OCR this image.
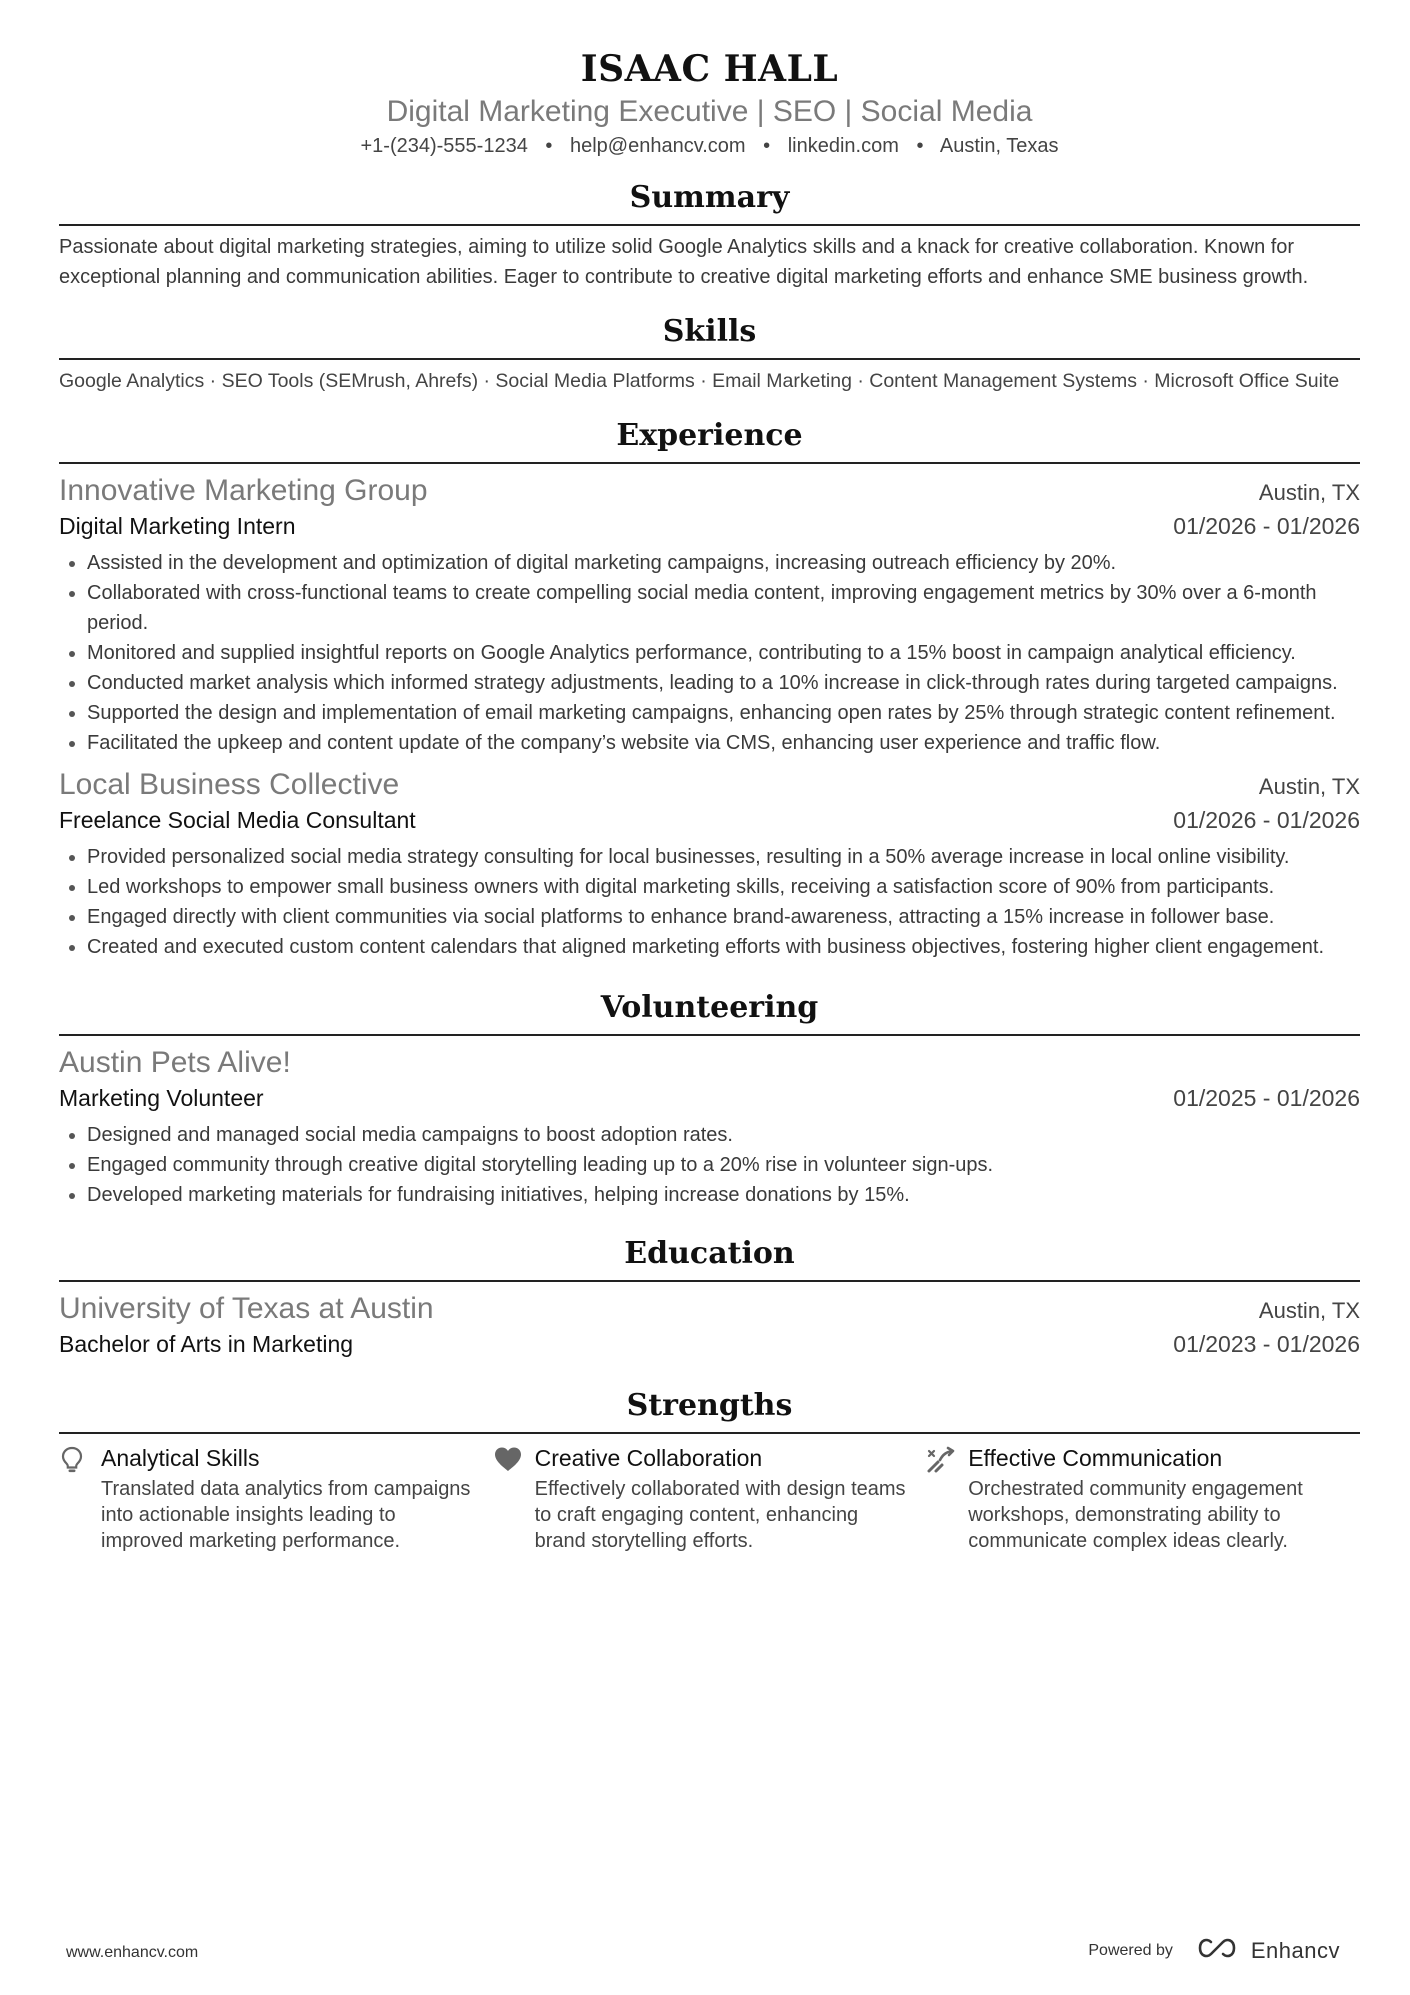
ISAAC HALL
Digital Marketing Executive | SEO | Social Media
+1-(234)-555-1234 • help@enhancv.com • linkedin.com • Austin, Texas
Summary
Passionate about digital marketing strategies, aiming to utilize solid Google Analytics skills and a knack for creative collaboration. Known for exceptional planning and communication abilities. Eager to contribute to creative digital marketing efforts and enhance SME business growth.
Skills
Google Analytics · SEO Tools (SEMrush, Ahrefs) · Social Media Platforms · Email Marketing · Content Management Systems · Microsoft Office Suite
Experience
Innovative Marketing Group	Austin, TX
Digital Marketing Intern	01/2026 - 01/2026
• Assisted in the development and optimization of digital marketing campaigns, increasing outreach efficiency by 20%.
• Collaborated with cross-functional teams to create compelling social media content, improving engagement metrics by 30% over a 6-month period.
• Monitored and supplied insightful reports on Google Analytics performance, contributing to a 15% boost in campaign analytical efficiency.
• Conducted market analysis which informed strategy adjustments, leading to a 10% increase in click-through rates during targeted campaigns.
• Supported the design and implementation of email marketing campaigns, enhancing open rates by 25% through strategic content refinement.
• Facilitated the upkeep and content update of the company’s website via CMS, enhancing user experience and traffic flow.
Local Business Collective	Austin, TX
Freelance Social Media Consultant	01/2026 - 01/2026
• Provided personalized social media strategy consulting for local businesses, resulting in a 50% average increase in local online visibility.
• Led workshops to empower small business owners with digital marketing skills, receiving a satisfaction score of 90% from participants.
• Engaged directly with client communities via social platforms to enhance brand-awareness, attracting a 15% increase in follower base.
• Created and executed custom content calendars that aligned marketing efforts with business objectives, fostering higher client engagement.
Volunteering
Austin Pets Alive!
Marketing Volunteer	01/2025 - 01/2026
• Designed and managed social media campaigns to boost adoption rates.
• Engaged community through creative digital storytelling leading up to a 20% rise in volunteer sign-ups.
• Developed marketing materials for fundraising initiatives, helping increase donations by 15%.
Education
University of Texas at Austin	Austin, TX
Bachelor of Arts in Marketing	01/2023 - 01/2026
Strengths
Analytical Skills
Translated data analytics from campaigns into actionable insights leading to improved marketing performance.
Creative Collaboration
Effectively collaborated with design teams to craft engaging content, enhancing brand storytelling efforts.
Effective Communication
Orchestrated community engagement workshops, demonstrating ability to communicate complex ideas clearly.
www.enhancv.com	Powered by	Enhancv
